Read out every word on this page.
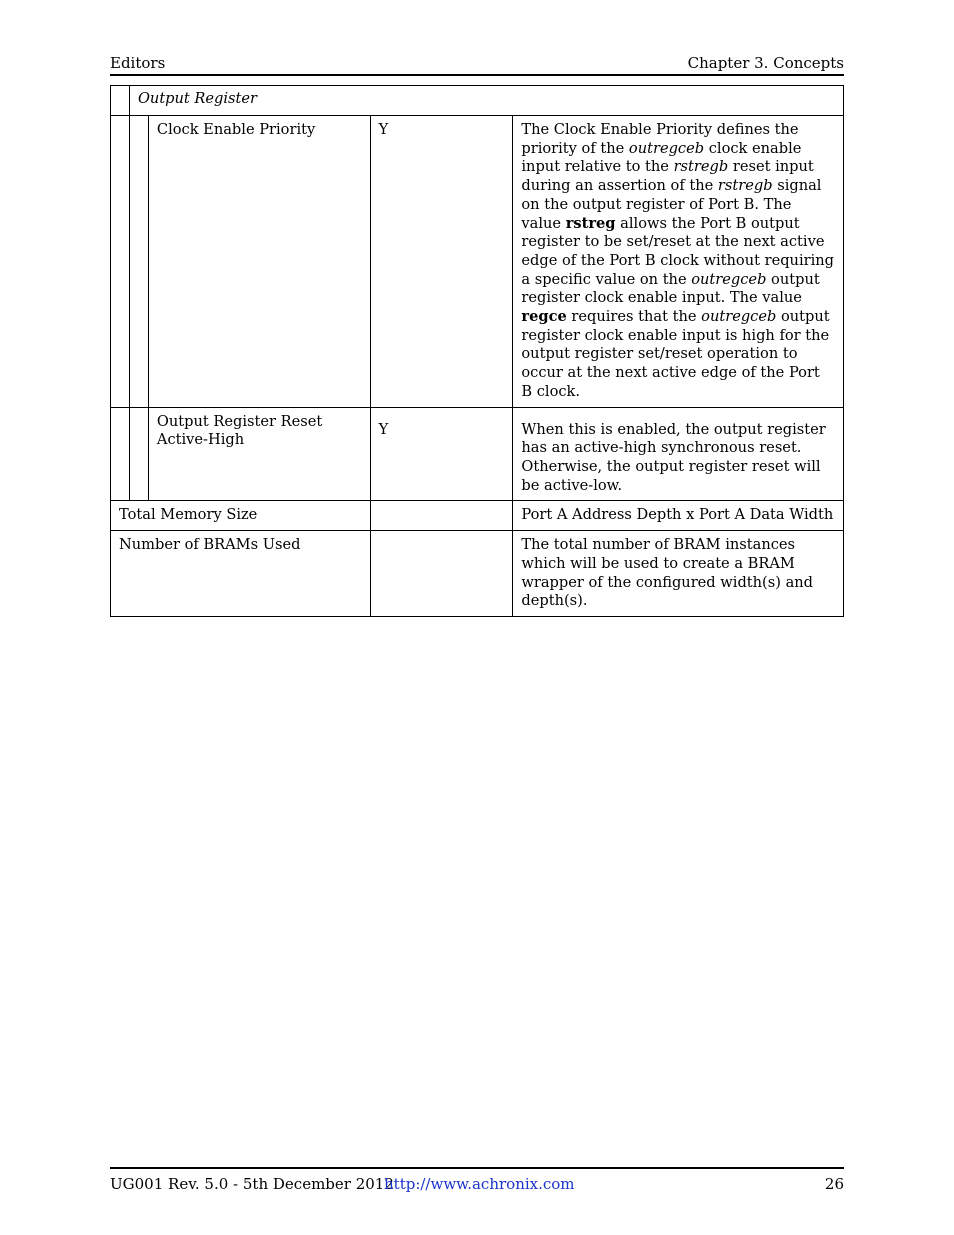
Editors	Chapter 3. Concepts
	Output Register			

		Clock Enable Priority	Y	The Clock Enable Priority defines the priority of the outregceb clock enable input relative to the rstregb reset input during an assertion of the rstregb signal on the output register of Port B. The value rstreg allows the Port B output register to be set/reset at the next active edge of the Port B clock without requiring a specific value on the outregceb output register clock enable input. The value regce requires that the outregceb output register clock enable input is high for the output register set/reset operation to occur at the next active edge of the Port B clock.

		Output Register Reset Active-High	Y	When this is enabled, the output register has an active-high synchronous reset. Otherwise, the output register reset will be active-low.

Total Memory Size				Port A Address Depth x Port A Data Width

Number of BRAMs Used				The total number of BRAM instances which will be used to create a BRAM wrapper of the configured width(s) and depth(s).
UG001 Rev. 5.0 - 5th December 2012
http://www.achronix.com	26
